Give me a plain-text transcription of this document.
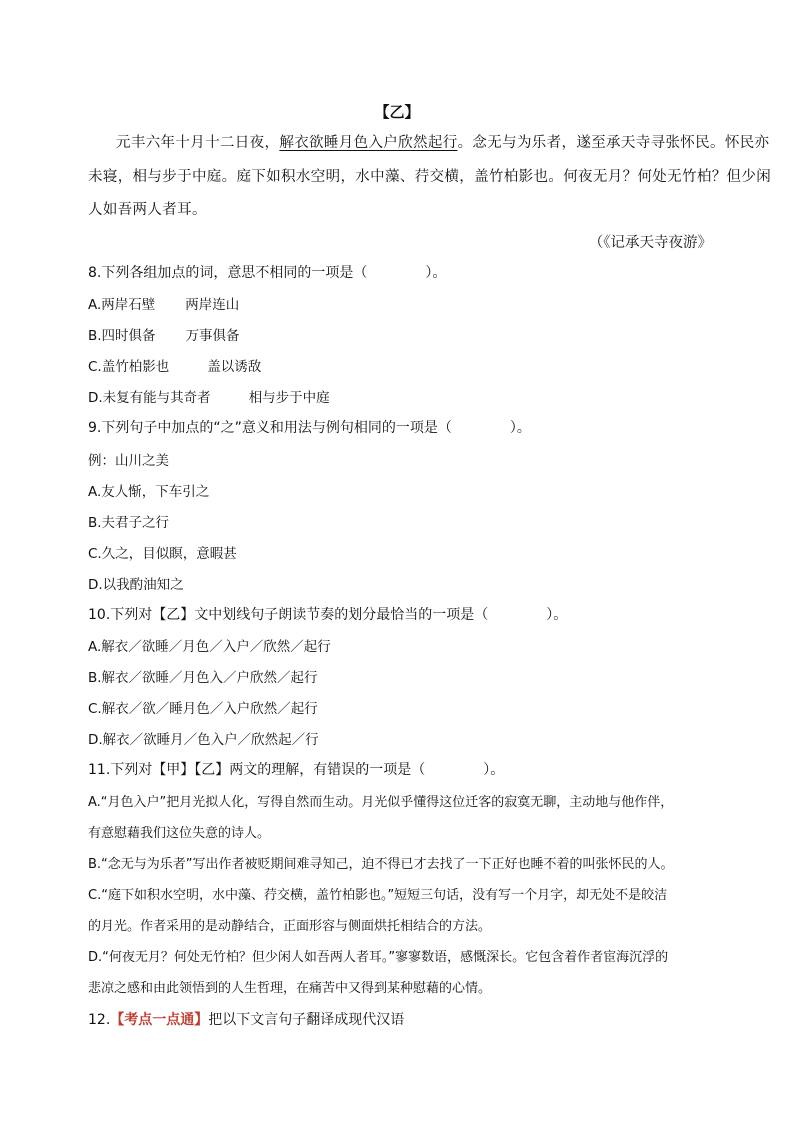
【乙】
元丰六年十月十二日夜，解衣欲睡月色入户欣然起行。念无与为乐者，遂至承天寺寻张怀民。怀民亦
未寝，相与步于中庭。庭下如积水空明，水中藻、荇交横，盖竹柏影也。何夜无月？何处无竹柏？但少闲
人如吾两人者耳。
（《记承天寺夜游》
8.下列各组加点的词，意思不相同的一项是（	）。
A.两岸石壁 两岸连山
B.四时俱备 万事俱备
C.盖竹柏影也	盖以诱敌
D.未复有能与其奇者	相与步于中庭
9.下列句子中加点的“之”意义和用法与例句相同的一项是（	）。
例：山川之美
A.友人惭，下车引之
B.夫君子之行
C.久之，目似瞑，意暇甚
D.以我酌油知之
10.下列对【乙】文中划线句子朗读节奏的划分最恰当的一项是（	）。
A.解衣／欲睡／月色／入户／欣然／起行
B.解衣／欲睡／月色入／户欣然／起行
C.解衣／欲／睡月色／入户欣然／起行
D.解衣／欲睡月／色入户／欣然起／行
11.下列对【甲】【乙】两文的理解，有错误的一项是（	）。
A.“月色入户”把月光拟人化，写得自然而生动。月光似乎懂得这位迁客的寂寞无聊，主动地与他作伴，
有意慰藉我们这位失意的诗人。
B.“念无与为乐者”写出作者被贬期间难寻知己，迫不得已才去找了一下正好也睡不着的叫张怀民的人。
C.“庭下如积水空明，水中藻、荇交横，盖竹柏影也。”短短三句话，没有写一个月字，却无处不是皎洁
的月光。作者采用的是动静结合，正面形容与侧面烘托相结合的方法。
D.“何夜无月？何处无竹柏？但少闲人如吾两人者耳。”寥寥数语，感慨深长。它包含着作者宦海沉浮的
悲凉之感和由此领悟到的人生哲理，在痛苦中又得到某种慰藉的心情。
12.【考点一点通】把以下文言句子翻译成现代汉语
